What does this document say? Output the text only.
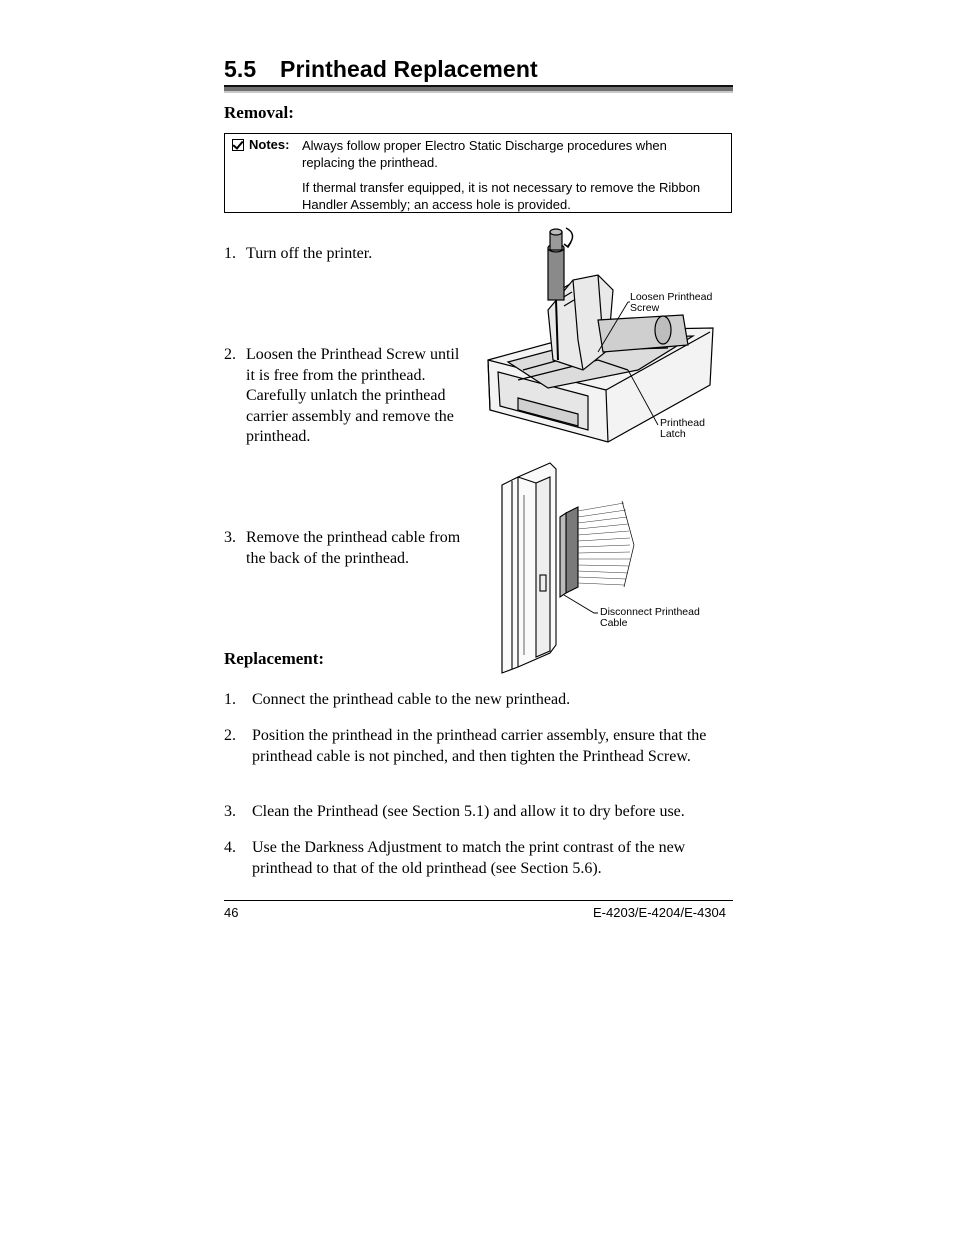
5.5 Printhead Replacement
Removal:
Notes: Always follow proper Electro Static Discharge procedures when replacing the printhead.
If thermal transfer equipped, it is not necessary to remove the Ribbon Handler Assembly; an access hole is provided.
1. Turn off the printer.
2. Loosen the Printhead Screw until it is free from the printhead. Carefully unlatch the printhead carrier assembly and remove the printhead.
3. Remove the printhead cable from the back of the printhead.
Loosen Printhead
Screw
Printhead
Latch
Disconnect Printhead
Cable
Replacement:
1. Connect the printhead cable to the new printhead.
2. Position the printhead in the printhead carrier assembly, ensure that the printhead cable is not pinched, and then tighten the Printhead Screw.
3. Clean the Printhead (see Section 5.1) and allow it to dry before use.
4. Use the Darkness Adjustment to match the print contrast of the new printhead to that of the old printhead (see Section 5.6).
46	E-4203/E-4204/E-4304
